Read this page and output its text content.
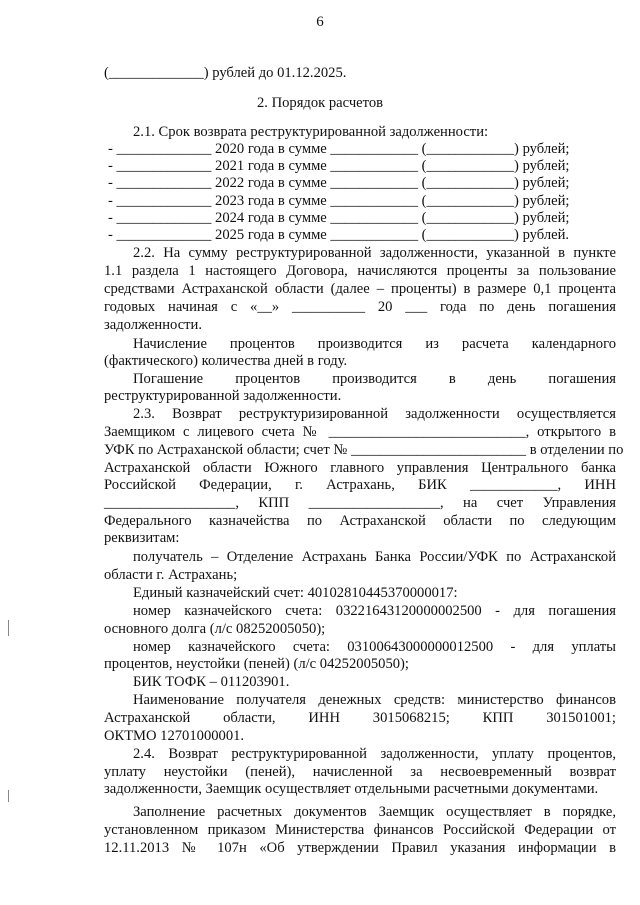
6
(_____________) рублей до 01.12.2025.
2. Порядок расчетов
2.1. Срок возврата реструктурированной задолженности:
- _____________ 2020 года в сумме ____________ (____________) рублей;
- _____________ 2021 года в сумме ____________ (____________) рублей;
- _____________ 2022 года в сумме ____________ (____________) рублей;
- _____________ 2023 года в сумме ____________ (____________) рублей;
- _____________ 2024 года в сумме ____________ (____________) рублей;
- _____________ 2025 года в сумме ____________ (____________) рублей.
2.2. На сумму реструктурированной задолженности, указанной в пункте
1.1 раздела 1 настоящего Договора, начисляются проценты за пользование
средствами Астраханской области (далее – проценты) в размере 0,1 процента
годовых начиная с «__» __________ 20 ___ года по день погашения
задолженности.
Начисление процентов производится из расчета календарного
(фактического) количества дней в году.
Погашение процентов производится в день погашения
реструктурированной задолженности.
2.3. Возврат реструктуризированной задолженности осуществляется
Заемщиком с лицевого счета № ___________________________, открытого в
УФК по Астраханской области; счет № ________________________ в отделении по
Астраханской области Южного главного управления Центрального банка
Российской Федерации, г. Астрахань, БИК ____________, ИНН
__________________, КПП __________________, на счет Управления
Федерального казначейства по Астраханской области по следующим
реквизитам:
получатель – Отделение Астрахань Банка России/УФК по Астраханской
области г. Астрахань;
Единый казначейский счет: 40102810445370000017:
номер казначейского счета: 03221643120000002500 - для погашения
основного долга (л/с 08252005050);
номер казначейского счета: 03100643000000012500 - для уплаты
процентов, неустойки (пеней) (л/с 04252005050);
БИК ТОФК – 011203901.
Наименование получателя денежных средств: министерство финансов
Астраханской области, ИНН 3015068215; КПП 301501001;
ОКТМО 12701000001.
2.4. Возврат реструктурированной задолженности, уплату процентов,
уплату неустойки (пеней), начисленной за несвоевременный возврат
задолженности, Заемщик осуществляет отдельными расчетными документами.
Заполнение расчетных документов Заемщик осуществляет в порядке,
установленном приказом Министерства финансов Российской Федерации от
12.11.2013 № 107н «Об утверждении Правил указания информации в
